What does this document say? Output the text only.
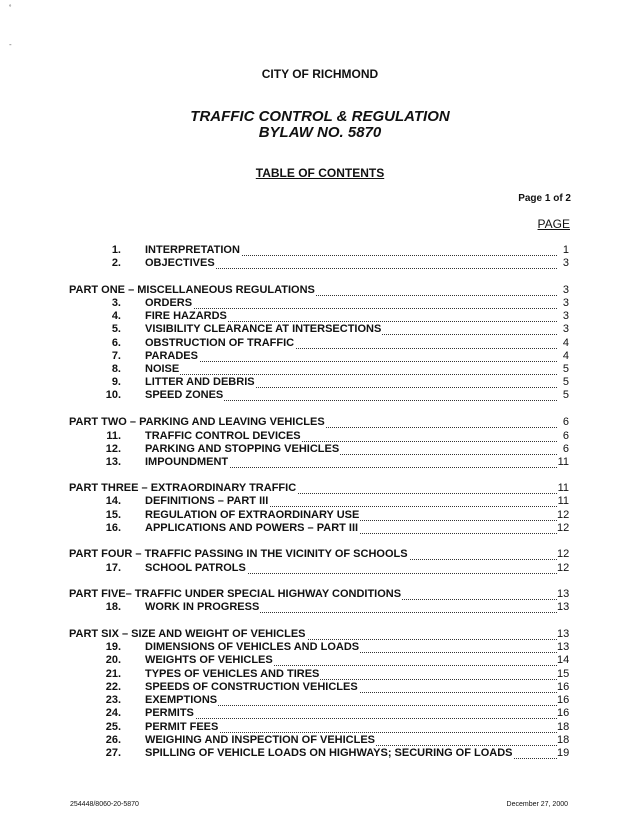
˚
-
CITY OF RICHMOND
TRAFFIC CONTROL & REGULATION
BYLAW NO. 5870
TABLE OF CONTENTS
Page 1 of 2
PAGE
1. INTERPRETATION	1
2. OBJECTIVES	3
PART ONE – MISCELLANEOUS REGULATIONS	3
3. ORDERS	3
4. FIRE HAZARDS	3
5. VISIBILITY CLEARANCE AT INTERSECTIONS	3
6. OBSTRUCTION OF TRAFFIC	4
7. PARADES	4
8. NOISE	5
9. LITTER AND DEBRIS	5
10. SPEED ZONES	5
PART TWO – PARKING AND LEAVING VEHICLES	6
11. TRAFFIC CONTROL DEVICES	6
12. PARKING AND STOPPING VEHICLES	6
13. IMPOUNDMENT	11
PART THREE – EXTRAORDINARY TRAFFIC	11
14. DEFINITIONS – PART III	11
15. REGULATION OF EXTRAORDINARY USE	12
16. APPLICATIONS AND POWERS – PART III	12
PART FOUR – TRAFFIC PASSING IN THE VICINITY OF SCHOOLS	12
17. SCHOOL PATROLS	12
PART FIVE– TRAFFIC UNDER SPECIAL HIGHWAY CONDITIONS	13
18. WORK IN PROGRESS	13
PART SIX – SIZE AND WEIGHT OF VEHICLES	13
19. DIMENSIONS OF VEHICLES AND LOADS	13
20. WEIGHTS OF VEHICLES	14
21. TYPES OF VEHICLES AND TIRES	15
22. SPEEDS OF CONSTRUCTION VEHICLES	16
23. EXEMPTIONS	16
24. PERMITS	16
25. PERMIT FEES	18
26. WEIGHING AND INSPECTION OF VEHICLES	18
27. SPILLING OF VEHICLE LOADS ON HIGHWAYS; SECURING OF LOADS	19
254448/8060-20-5870	December 27, 2000
